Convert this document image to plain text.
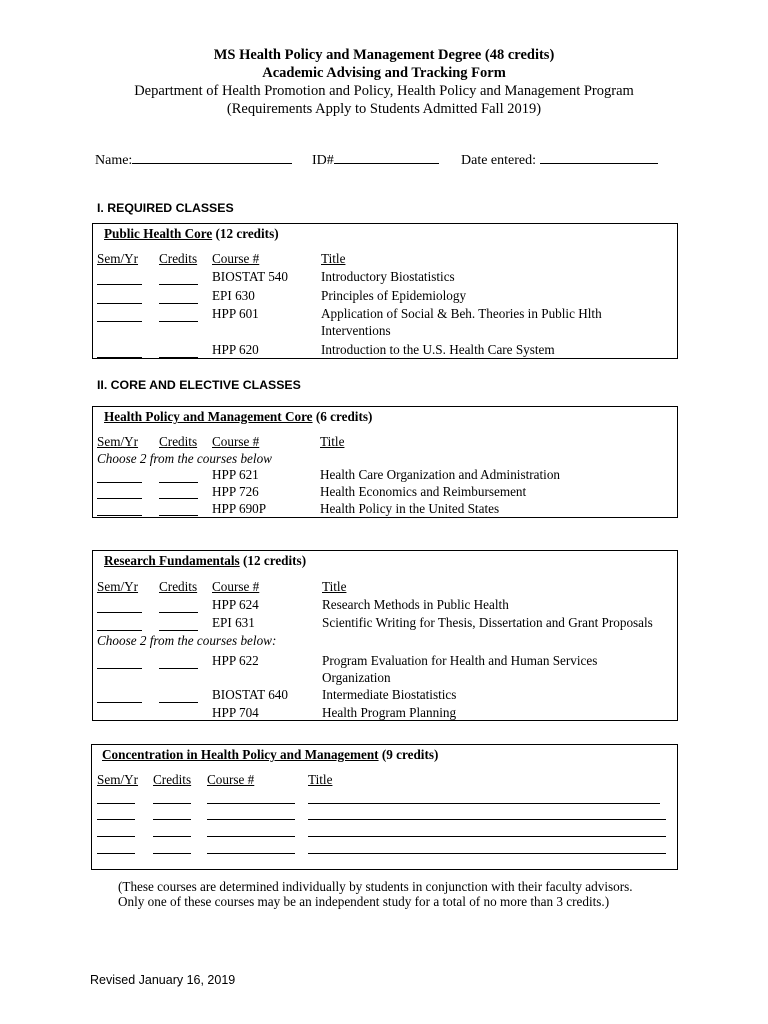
MS Health Policy and Management Degree (48 credits)
Academic Advising and Tracking Form
Department of Health Promotion and Policy, Health Policy and Management Program
(Requirements Apply to Students Admitted Fall 2019)
Name:	ID#	Date entered:
I. REQUIRED CLASSES
Public Health Core (12 credits)
Sem/Yr Credits Course #	Title
BIOSTAT 540	Introductory Biostatistics
EPI 630	Principles of Epidemiology
HPP 601	Application of Social & Beh. Theories in Public Hlth
Interventions
HPP 620	Introduction to the U.S. Health Care System
II. CORE AND ELECTIVE CLASSES
Health Policy and Management Core (6 credits)
Sem/Yr Credits Course #	Title
Choose 2 from the courses below
HPP 621	Health Care Organization and Administration
HPP 726	Health Economics and Reimbursement
HPP 690P	Health Policy in the United States
Research Fundamentals (12 credits)
Sem/Yr Credits Course #	Title
HPP 624	Research Methods in Public Health
EPI 631	Scientific Writing for Thesis, Dissertation and Grant Proposals
Choose 2 from the courses below:
HPP 622	Program Evaluation for Health and Human Services
Organization
BIOSTAT 640	Intermediate Biostatistics
HPP 704	Health Program Planning
Concentration in Health Policy and Management (9 credits)
Sem/Yr Credits Course #	Title
(These courses are determined individually by students in conjunction with their faculty advisors.
Only one of these courses may be an independent study for a total of no more than 3 credits.)
Revised January 16, 2019
